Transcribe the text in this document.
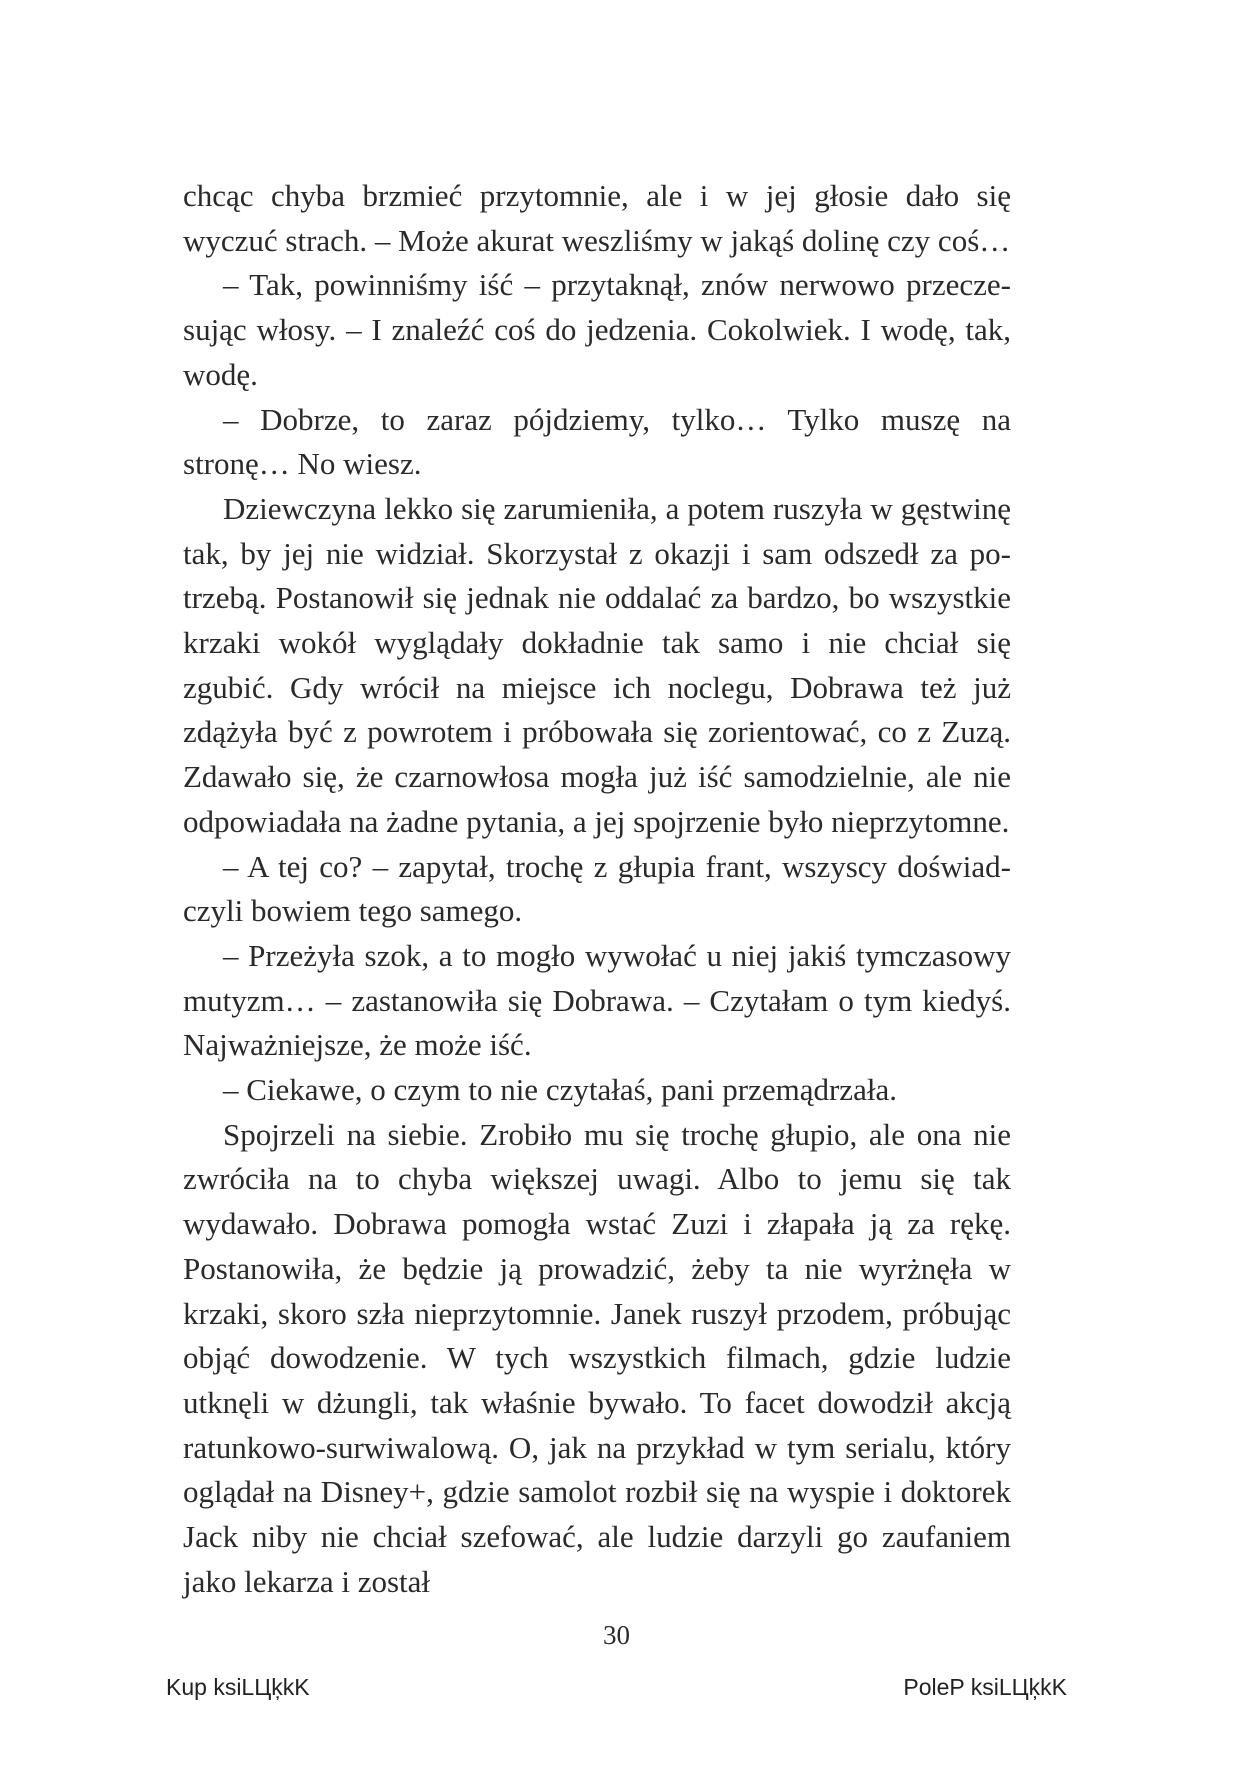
chcąc chyba brzmieć przytomnie, ale i w jej głosie dało się wyczuć strach. – Może akurat weszliśmy w jakąś dolinę czy coś…

– Tak, powinniśmy iść – przytaknął, znów nerwowo przeczesując włosy. – I znaleźć coś do jedzenia. Cokolwiek. I wodę, tak, wodę.

– Dobrze, to zaraz pójdziemy, tylko… Tylko muszę na stronę… No wiesz.

Dziewczyna lekko się zarumieniła, a potem ruszyła w gęstwinę tak, by jej nie widział. Skorzystał z okazji i sam odszedł za potrzebą. Postanowił się jednak nie oddalać za bardzo, bo wszystkie krzaki wokół wyglądały dokładnie tak samo i nie chciał się zgubić. Gdy wrócił na miejsce ich noclegu, Dobrawa też już zdążyła być z powrotem i próbowała się zorientować, co z Zuzą. Zdawało się, że czarnowłosa mogła już iść samodzielnie, ale nie odpowiadała na żadne pytania, a jej spojrzenie było nieprzytomne.

– A tej co? – zapytał, trochę z głupia frant, wszyscy doświadczyli bowiem tego samego.

– Przeżyła szok, a to mogło wywołać u niej jakiś tymczasowy mutyzm… – zastanowiła się Dobrawa. – Czytałam o tym kiedyś. Najważniejsze, że może iść.

– Ciekawe, o czym to nie czytałaś, pani przemądrzała.

Spojrzeli na siebie. Zrobiło mu się trochę głupio, ale ona nie zwróciła na to chyba większej uwagi. Albo to jemu się tak wydawało. Dobrawa pomogła wstać Zuzi i złapała ją za rękę. Postanowiła, że będzie ją prowadzić, żeby ta nie wyrżnęła w krzaki, skoro szła nieprzytomnie. Janek ruszył przodem, próbując objąć dowodzenie. W tych wszystkich filmach, gdzie ludzie utknęli w dżungli, tak właśnie bywało. To facet dowodził akcją ratunkowo-surwiwalową. O, jak na przykład w tym serialu, który oglądał na Disney+, gdzie samolot rozbił się na wyspie i doktorek Jack niby nie chciał szefować, ale ludzie darzyli go zaufaniem jako lekarza i został

30
Kup ksiLЦķkK	PoleP ksiLЦķkK
